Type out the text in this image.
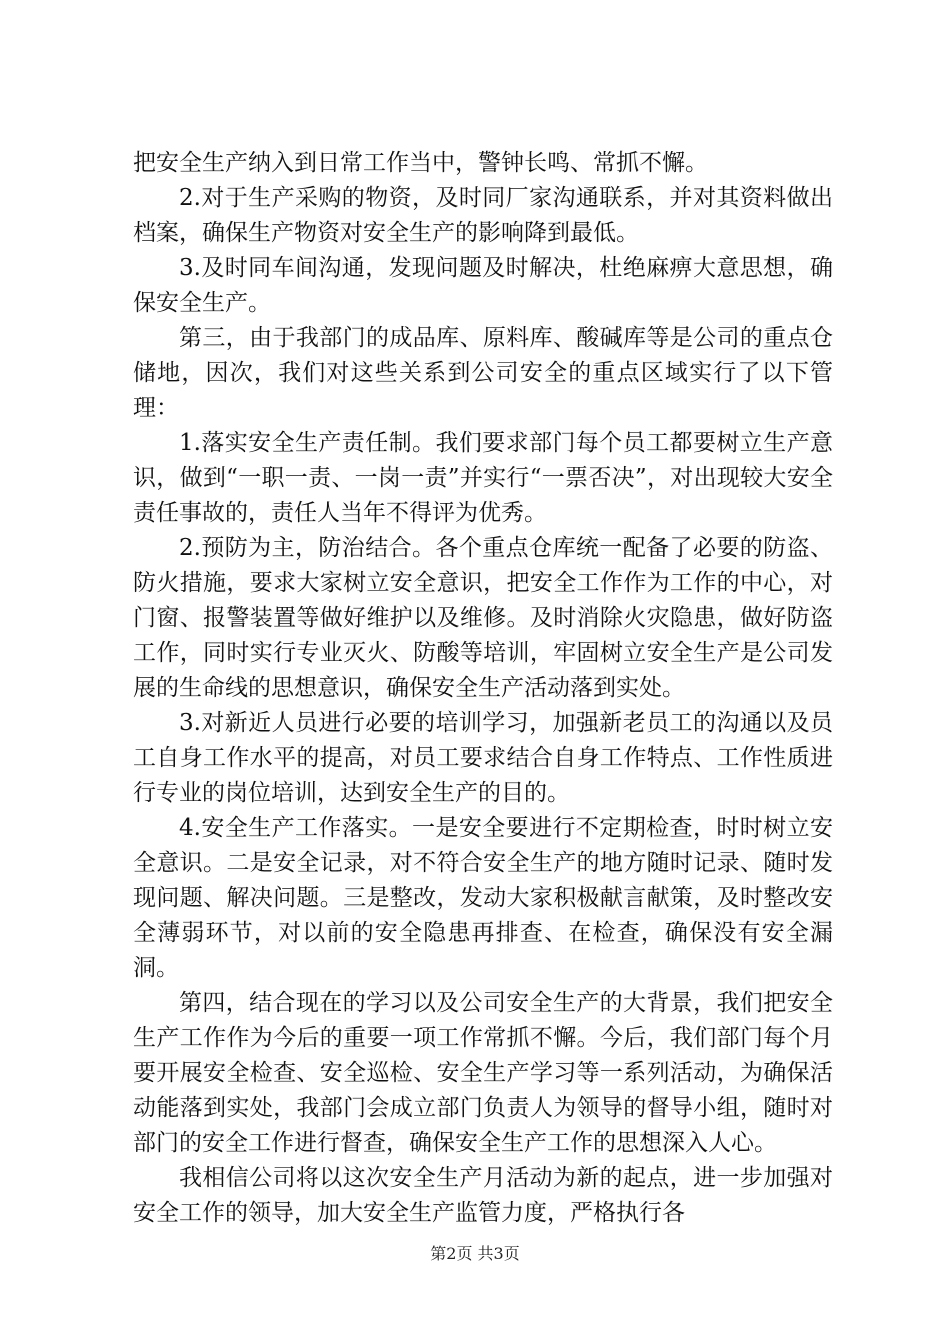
把安全生产纳入到日常工作当中，警钟长鸣、常抓不懈。

2.对于生产采购的物资，及时同厂家沟通联系，并对其资料做出档案，确保生产物资对安全生产的影响降到最低。

3.及时同车间沟通，发现问题及时解决，杜绝麻痹大意思想，确保安全生产。

第三，由于我部门的成品库、原料库、酸碱库等是公司的重点仓储地，因次，我们对这些关系到公司安全的重点区域实行了以下管理：

1.落实安全生产责任制。我们要求部门每个员工都要树立生产意识，做到“一职一责、一岗一责”并实行“一票否决”，对出现较大安全责任事故的，责任人当年不得评为优秀。

2.预防为主，防治结合。各个重点仓库统一配备了必要的防盗、防火措施，要求大家树立安全意识，把安全工作作为工作的中心，对门窗、报警装置等做好维护以及维修。及时消除火灾隐患，做好防盗工作，同时实行专业灭火、防酸等培训，牢固树立安全生产是公司发展的生命线的思想意识，确保安全生产活动落到实处。

3.对新近人员进行必要的培训学习，加强新老员工的沟通以及员工自身工作水平的提高，对员工要求结合自身工作特点、工作性质进行专业的岗位培训，达到安全生产的目的。

4.安全生产工作落实。一是安全要进行不定期检查，时时树立安全意识。二是安全记录，对不符合安全生产的地方随时记录、随时发现问题、解决问题。三是整改，发动大家积极献言献策，及时整改安全薄弱环节，对以前的安全隐患再排查、在检查，确保没有安全漏洞。

第四，结合现在的学习以及公司安全生产的大背景，我们把安全生产工作作为今后的重要一项工作常抓不懈。今后，我们部门每个月要开展安全检查、安全巡检、安全生产学习等一系列活动，为确保活动能落到实处，我部门会成立部门负责人为领导的督导小组，随时对部门的安全工作进行督查，确保安全生产工作的思想深入人心。

我相信公司将以这次安全生产月活动为新的起点，进一步加强对安全工作的领导，加大安全生产监管力度，严格执行各

第2页 共3页
